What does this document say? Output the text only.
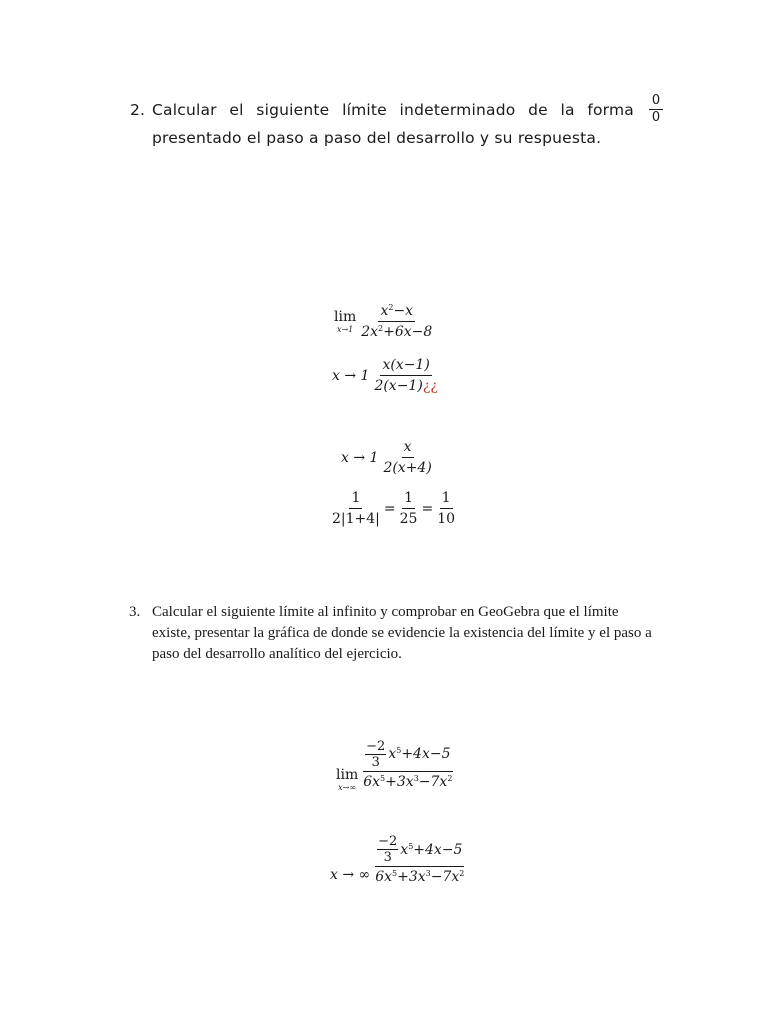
2. Calcular el siguiente límite indeterminado de la forma $\frac{0}{0}$
presentado el paso a paso del desarrollo y su respuesta.
lim
$x\to 1 \frac{x^2-x}{2x^2+6x-8}$
$x \to 1 \frac{x(x-1)}{2(x-1)¿¿}$
$x \to 1 \frac{x}{2(x+4)}$
$\frac{1}{2|1+4|} = \frac{1}{25} = \frac{1}{10}$
3. Calcular el siguiente límite al infinito y comprobar en GeoGebra que el límite
existe, presentar la gráfica de donde se evidencie la existencia del límite y el paso a
paso del desarrollo analítico del ejercicio.
lim
$x\to\infty \frac{\frac{-2}{3} x^5+4x-5}{6x^5+3x^3-7x^2}$
x → ∞ $\frac{\frac{-2}{3} x^5+4x-5}{6x^5+3x^3-7x^2}$
